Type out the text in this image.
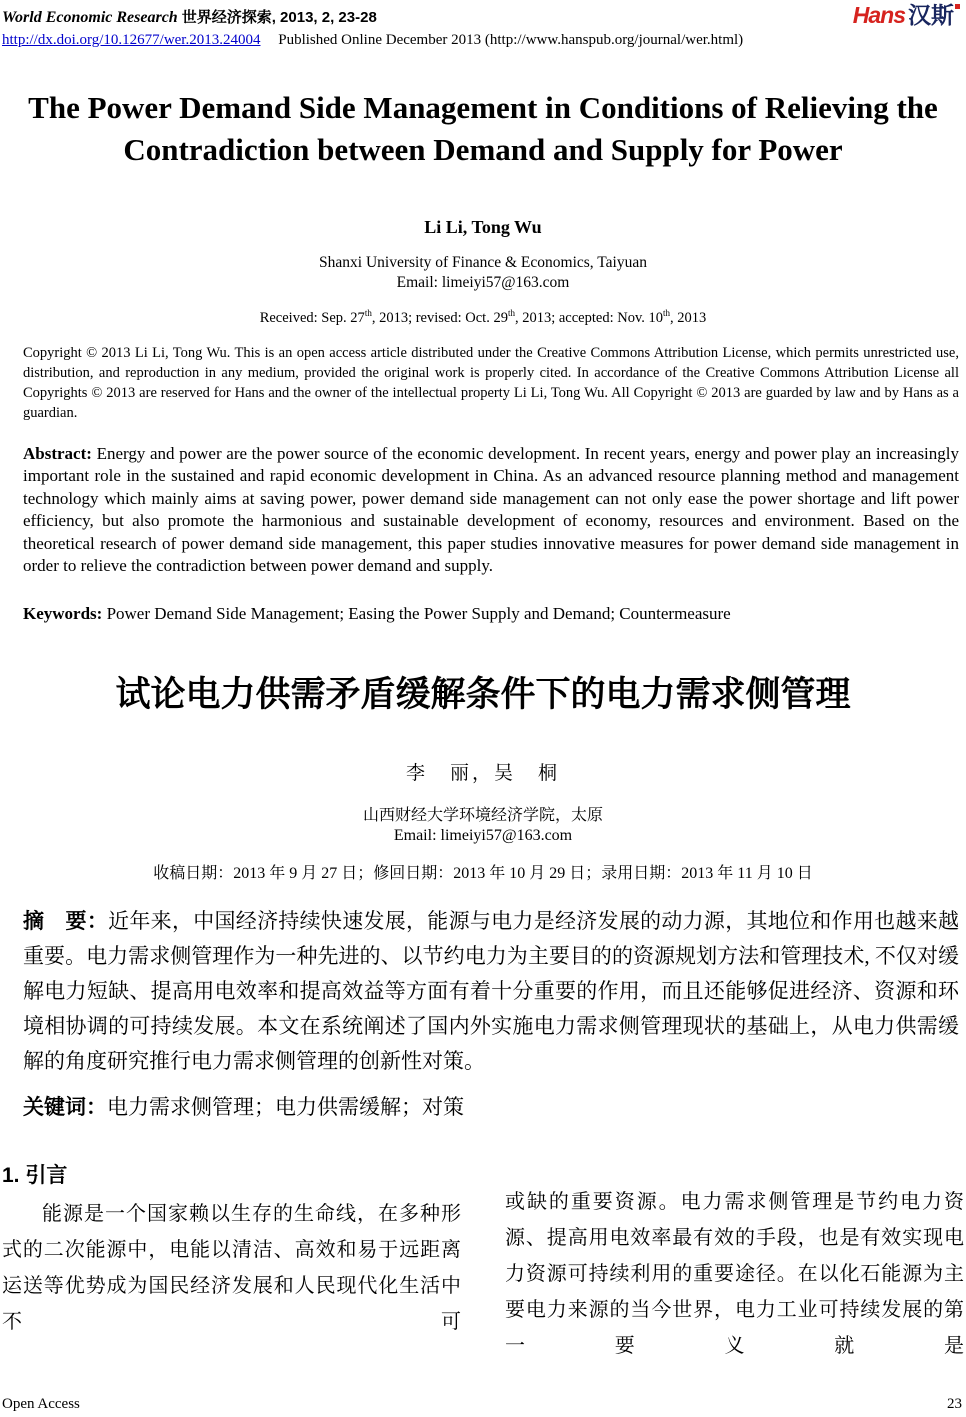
World Economic Research 世界经济探索, 2013, 2, 23-28
http://dx.doi.org/10.12677/wer.2013.24004 Published Online December 2013 (http://www.hanspub.org/journal/wer.html)
Hans 汉斯
The Power Demand Side Management in Conditions of Relieving the Contradiction between Demand and Supply for Power
Li Li, Tong Wu
Shanxi University of Finance & Economics, Taiyuan
Email: limeiyi57@163.com
Received: Sep. 27th, 2013; revised: Oct. 29th, 2013; accepted: Nov. 10th, 2013

Copyright © 2013 Li Li, Tong Wu. This is an open access article distributed under the Creative Commons Attribution License, which permits unrestricted use, distribution, and reproduction in any medium, provided the original work is properly cited. In accordance of the Creative Commons Attribution License all Copyrights © 2013 are reserved for Hans and the owner of the intellectual property Li Li, Tong Wu. All Copyright © 2013 are guarded by law and by Hans as a guardian.

Abstract: Energy and power are the power source of the economic development. In recent years, energy and power play an increasingly important role in the sustained and rapid economic development in China. As an advanced resource planning method and management technology which mainly aims at saving power, power demand side management can not only ease the power shortage and lift power efficiency, but also promote the harmonious and sustainable development of economy, resources and environment. Based on the theoretical research of power demand side management, this paper studies innovative measures for power demand side management in order to relieve the contradiction between power demand and supply.

Keywords: Power Demand Side Management; Easing the Power Supply and Demand; Countermeasure

试论电力供需矛盾缓解条件下的电力需求侧管理
李　丽，吴　桐
山西财经大学环境经济学院，太原
Email: limeiyi57@163.com
收稿日期：2013 年 9 月 27 日；修回日期：2013 年 10 月 29 日；录用日期：2013 年 11 月 10 日

摘　要：近年来，中国经济持续快速发展，能源与电力是经济发展的动力源，其地位和作用也越来越重要。电力需求侧管理作为一种先进的、以节约电力为主要目的的资源规划方法和管理技术, 不仅对缓解电力短缺、提高用电效率和提高效益等方面有着十分重要的作用，而且还能够促进经济、资源和环境相协调的可持续发展。本文在系统阐述了国内外实施电力需求侧管理现状的基础上，从电力供需缓解的角度研究推行电力需求侧管理的创新性对策。

关键词：电力需求侧管理；电力供需缓解；对策

1. 引言

能源是一个国家赖以生存的生命线，在多种形式的二次能源中，电能以清洁、高效和易于远距离运送等优势成为国民经济发展和人民现代化生活中不可

或缺的重要资源。电力需求侧管理是节约电力资源、提高用电效率最有效的手段，也是有效实现电力资源可持续利用的重要途径。在以化石能源为主要电力来源的当今世界，电力工业可持续发展的第一要义就是

Open Access	23
